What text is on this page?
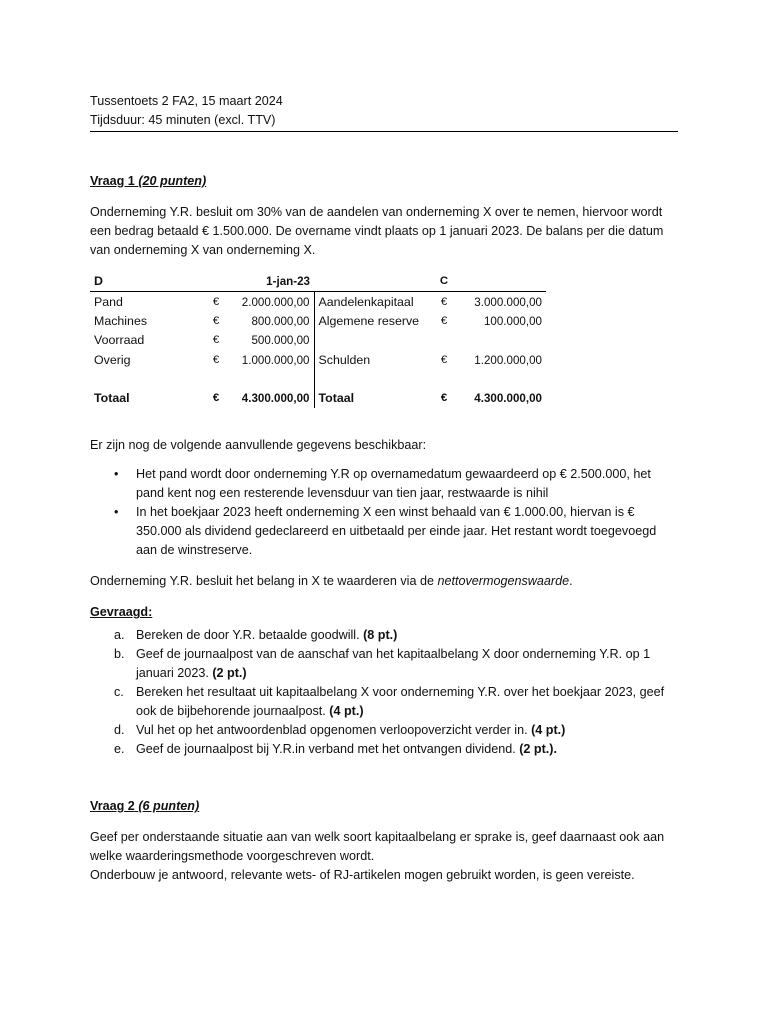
Tussentoets 2 FA2, 15 maart 2024
Tijdsduur: 45 minuten (excl. TTV)
Vraag 1 (20 punten)

Onderneming Y.R. besluit om 30% van de aandelen van onderneming X over te nemen, hiervoor wordt een bedrag betaald € 1.500.000. De overname vindt plaats op 1 januari 2023. De balans per die datum van onderneming X van onderneming X.

D		1-jan-23		C	
Pand	€	2.000.000,00	Aandelenkapitaal	€	3.000.000,00
Machines	€	800.000,00	Algemene reserve	€	100.000,00
Voorraad	€	500.000,00			
Overig	€	1.000.000,00	Schulden	€	1.200.000,00

Totaal	€	4.300.000,00	Totaal	€	4.300.000,00

Er zijn nog de volgende aanvullende gegevens beschikbaar:

• Het pand wordt door onderneming Y.R op overnamedatum gewaardeerd op € 2.500.000, het pand kent nog een resterende levensduur van tien jaar, restwaarde is nihil
• In het boekjaar 2023 heeft onderneming X een winst behaald van € 1.000.00, hiervan is € 350.000 als dividend gedeclareerd en uitbetaald per einde jaar. Het restant wordt toegevoegd aan de winstreserve.

Onderneming Y.R. besluit het belang in X te waarderen via de nettovermogenswaarde.

Gevraagd:

a. Bereken de door Y.R. betaalde goodwill. (8 pt.)
b. Geef de journaalpost van de aanschaf van het kapitaalbelang X door onderneming Y.R. op 1 januari 2023. (2 pt.)
c. Bereken het resultaat uit kapitaalbelang X voor onderneming Y.R. over het boekjaar 2023, geef ook de bijbehorende journaalpost. (4 pt.)
d. Vul het op het antwoordenblad opgenomen verloopoverzicht verder in. (4 pt.)
e. Geef de journaalpost bij Y.R.in verband met het ontvangen dividend. (2 pt.).
Vraag 2 (6 punten)

Geef per onderstaande situatie aan van welk soort kapitaalbelang er sprake is, geef daarnaast ook aan welke waarderingsmethode voorgeschreven wordt.

Onderbouw je antwoord, relevante wets- of RJ-artikelen mogen gebruikt worden, is geen vereiste.
